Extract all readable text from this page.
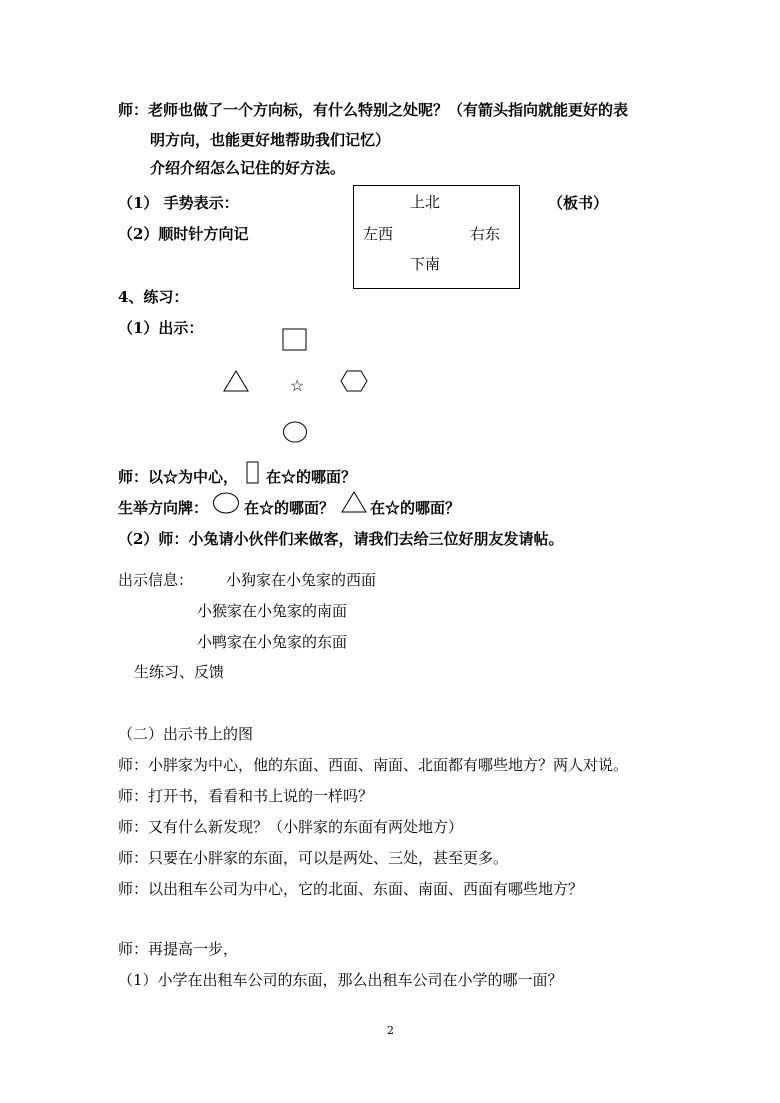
师：老师也做了一个方向标，有什么特别之处呢？（有箭头指向就能更好的表
明方向，也能更好地帮助我们记忆）
介绍介绍怎么记住的好方法。
（1） 手势表示：
（2）顺时针方向记
上北
左西	右东
下南
（板书）
4、练习：
（1）出示：
☆
师：以☆为中心， 在☆的哪面？
生举方向牌： 在☆的哪面？ 在☆的哪面？
（2）师：小兔请小伙伴们来做客，请我们去给三位好朋友发请帖。
出示信息： 小狗家在小兔家的西面
小猴家在小兔家的南面
小鸭家在小兔家的东面
生练习、反馈
（二）出示书上的图
师：小胖家为中心，他的东面、西面、南面、北面都有哪些地方？两人对说。
师：打开书，看看和书上说的一样吗？
师：又有什么新发现？（小胖家的东面有两处地方）
师：只要在小胖家的东面，可以是两处、三处，甚至更多。
师：以出租车公司为中心，它的北面、东面、南面、西面有哪些地方？
师：再提高一步，
（1）小学在出租车公司的东面，那么出租车公司在小学的哪一面？
2
